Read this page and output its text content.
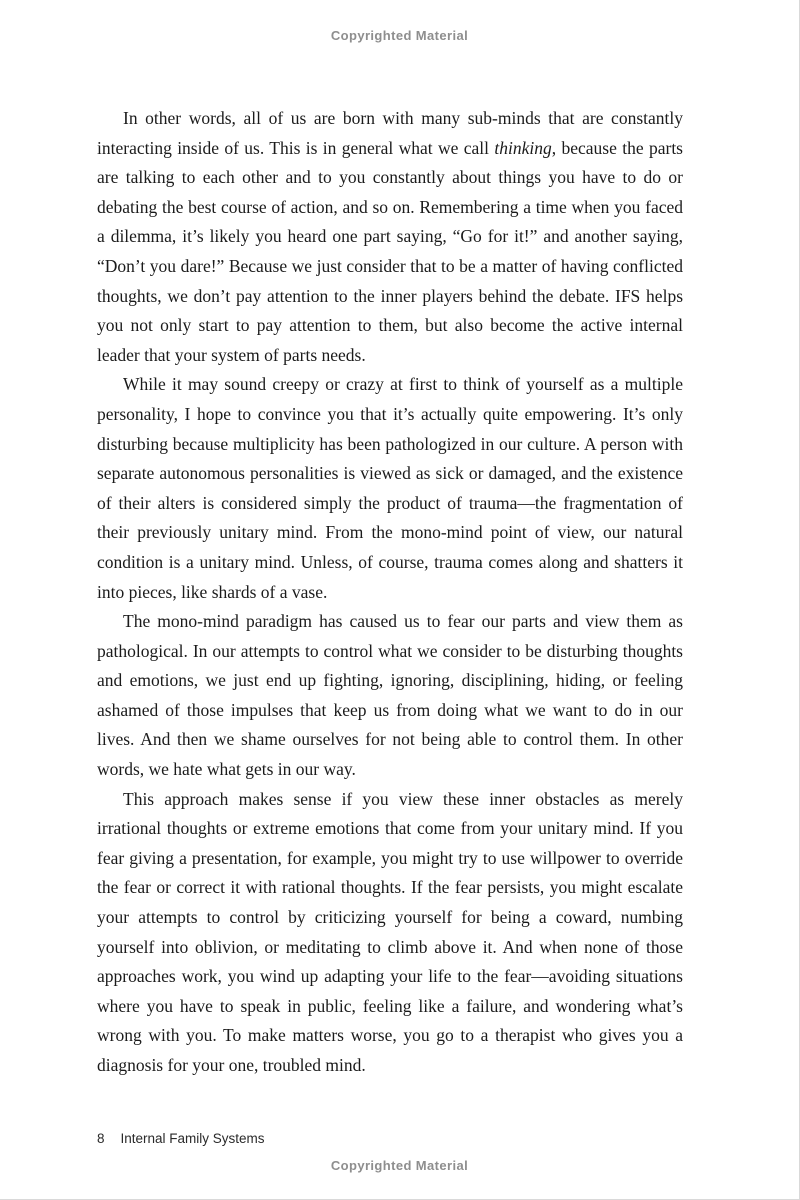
Copyrighted Material

In other words, all of us are born with many sub-minds that are constantly interacting inside of us. This is in general what we call thinking, because the parts are talking to each other and to you constantly about things you have to do or debating the best course of action, and so on. Remembering a time when you faced a dilemma, it’s likely you heard one part saying, “Go for it!” and another saying, “Don’t you dare!” Because we just consider that to be a matter of having conflicted thoughts, we don’t pay attention to the inner players behind the debate. IFS helps you not only start to pay attention to them, but also become the active internal leader that your system of parts needs.

While it may sound creepy or crazy at first to think of yourself as a multiple personality, I hope to convince you that it’s actually quite empowering. It’s only disturbing because multiplicity has been pathologized in our culture. A person with separate autonomous personalities is viewed as sick or damaged, and the existence of their alters is considered simply the product of trauma—the fragmentation of their previously unitary mind. From the mono-mind point of view, our natural condition is a unitary mind. Unless, of course, trauma comes along and shatters it into pieces, like shards of a vase.

The mono-mind paradigm has caused us to fear our parts and view them as pathological. In our attempts to control what we consider to be disturbing thoughts and emotions, we just end up fighting, ignoring, disciplining, hiding, or feeling ashamed of those impulses that keep us from doing what we want to do in our lives. And then we shame ourselves for not being able to control them. In other words, we hate what gets in our way.

This approach makes sense if you view these inner obstacles as merely irrational thoughts or extreme emotions that come from your unitary mind. If you fear giving a presentation, for example, you might try to use willpower to override the fear or correct it with rational thoughts. If the fear persists, you might escalate your attempts to control by criticizing yourself for being a coward, numbing yourself into oblivion, or meditating to climb above it. And when none of those approaches work, you wind up adapting your life to the fear—avoiding situations where you have to speak in public, feeling like a failure, and wondering what’s wrong with you. To make matters worse, you go to a therapist who gives you a diagnosis for your one, troubled mind.

8 Internal Family Systems
Copyrighted Material
